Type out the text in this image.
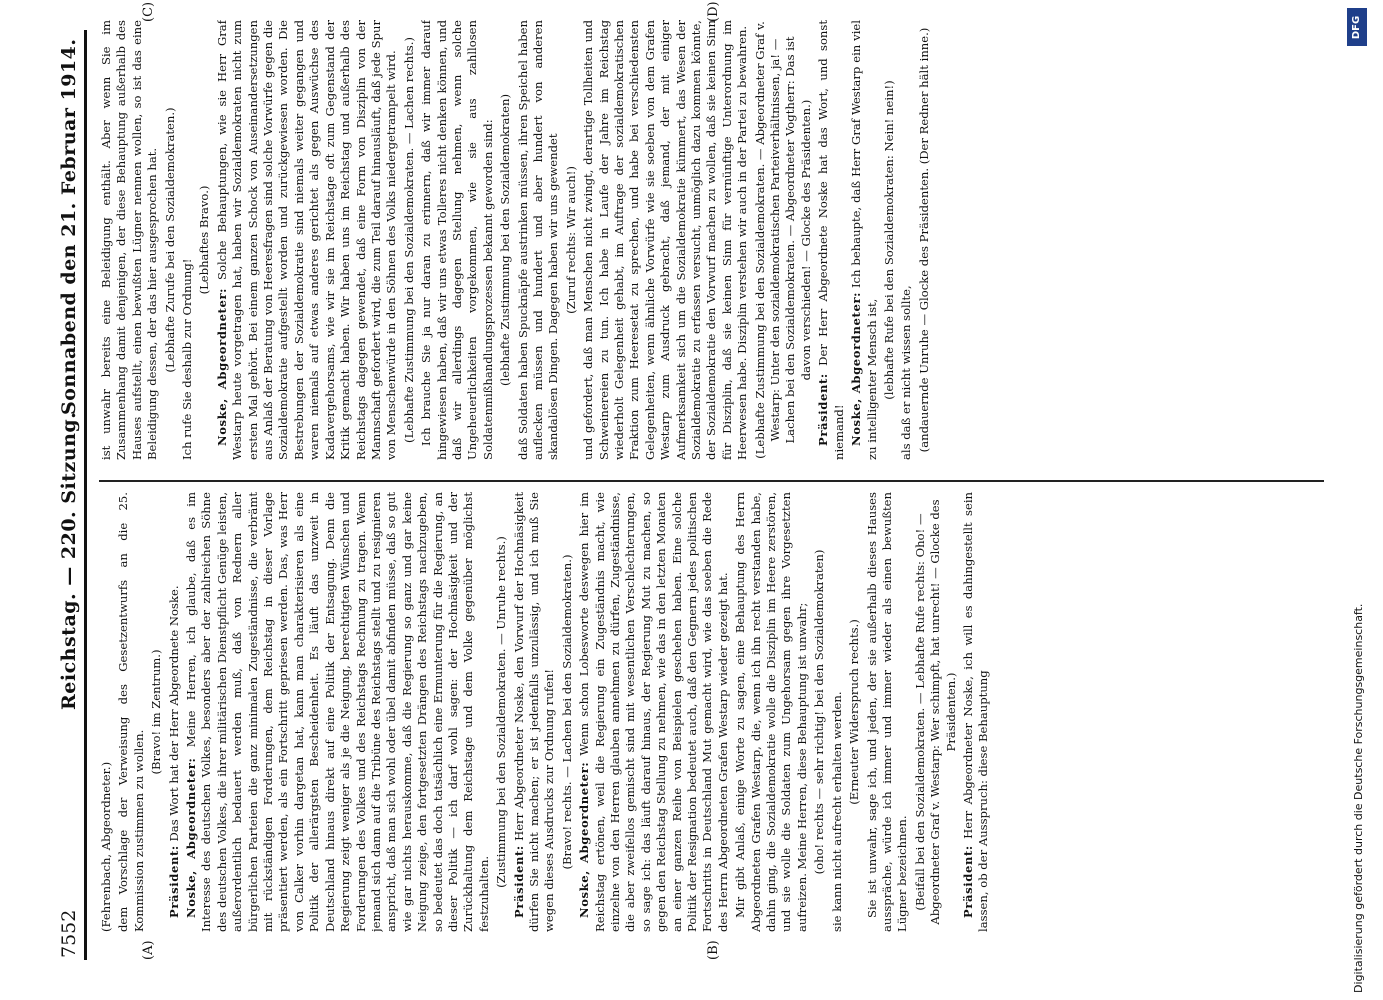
7552
Reichstag. — 220. Sitzung.
Sonnabend den 21. Februar 1914.
(A)	(B)
(C)	(D)

(Fehrenbach, Abgeordneter.) dem Vorschlage der Verweisung des Gesetzentwurfs an die 25. Kommission zustimmen zu wollen.

(Bravo! im Zentrum.)

Präsident: Das Wort hat der Herr Abgeordnete Noske. Noske, Abgeordneter: Meine Herren, ich glaube, daß es im Interesse des deutschen Volkes, besonders aber der zahlreichen Söhne des deutschen Volkes, die ihrer militärischen Dienstpflicht Genüge leisten, außerordentlich bedauert werden muß, daß von Rednern aller bürgerlichen Parteien die ganz minimalen Zugeständnisse, die verbrämt mit rückständigen Forderungen, dem Reichstag in dieser Vorlage präsentiert werden, als ein Fortschritt gepriesen werden. Das, was Herr von Calker vorhin dargetan hat, kann man charakterisieren als eine Politik der allerärgsten Bescheidenheit. Es läuft das unzweit in Deutschland hinaus direkt auf eine Politik der Entsagung. Denn die Regierung zeigt weniger als je die Neigung, berechtigten Wünschen und Forderungen des Volkes und des Reichstags Rechnung zu tragen. Wenn jemand sich dann auf die Tribüne des Reichstags stellt und zu resignieren anspricht, daß man sich wohl oder übel damit abfinden müsse, daß so gut wie gar nichts herauskomme, daß die Regierung so ganz und gar keine Neigung zeige, den fortgesetzten Drängen des Reichstags nachzugeben, so bedeutet das doch tatsächlich eine Ermunterung für die Regierung, an dieser Politik — ich darf wohl sagen: der Hochnäsigkeit und der Zurückhaltung dem Reichstage und dem Volke gegenüber möglichst festzuhalten.

(Zustimmung bei den Sozialdemokraten. — Unruhe rechts.) Präsident: Herr Abgeordneter Noske, den Vorwurf der Hochnäsigkeit dürfen Sie nicht machen; er ist jedenfalls unzulässig, und ich muß Sie wegen dieses Ausdrucks zur Ordnung rufen! (Bravo! rechts. — Lachen bei den Sozialdemokraten.) Noske, Abgeordneter: Wenn schon Lobesworte deswegen hier im Reichstag ertönen, weil die Regierung ein Zugeständnis macht, wie einzelne von den Herren glauben annehmen zu dürfen, Zugeständnisse, die aber zweifellos gemischt sind mit wesentlichen Verschlechterungen, so sage ich: das läuft darauf hinaus, der Regierung Mut zu machen, so gegen den Reichstag Stellung zu nehmen, wie das in den letzten Monaten an einer ganzen Reihe von Beispielen geschehen haben. Eine solche Politik der Resignation bedeutet auch, daß den Gegnern jedes politischen Fortschritts in Deutschland Mut gemacht wird, wie das soeben die Rede des Herrn Abgeordneten Grafen Westarp wieder gezeigt hat. Mir gibt Anlaß, einige Worte zu sagen, eine Behauptung des Herrn Abgeordneten Grafen Westarp, die, wenn ich ihn recht verstanden habe, dahin ging, die Sozialdemokratie wolle die Disziplin im Heere zerstören, und sie wolle die Soldaten zum Ungehorsam gegen ihre Vorgesetzten aufreizen. Meine Herren, diese Behauptung ist unwahr; (oho! rechts — sehr richtig! bei den Sozialdemokraten) sie kann nicht aufrecht erhalten werden. (Erneuter Widerspruch rechts.) Sie ist unwahr, sage ich, und jeden, der sie außerhalb dieses Hauses ausspräche, würde ich immer und immer wieder als einen bewußten Lügner bezeichnen. (Beifall bei den Sozialdemokraten. — Lebhafte Rufe rechts: Oho! — Abgeordneter Graf v. Westarp: Wer schimpft, hat unrecht! — Glocke des Präsidenten.)

Präsident: Herr Abgeordneter Noske, ich will es dahingestellt sein lassen, ob der Ausspruch: diese Behauptung

ist unwahr bereits eine Beleidigung enthält. Aber wenn Sie im Zusammenhang damit denjenigen, der diese Behauptung außerhalb des Hauses aufstellt, einen bewußten Lügner nennen wollen, so ist das eine Beleidigung dessen, der das hier ausgesprochen hat. (Lebhafte Zurufe bei den Sozialdemokraten.) Ich rufe Sie deshalb zur Ordnung!

(Lebhaftes Bravo.)

Noske, Abgeordneter: Solche Behauptungen, wie sie Herr Graf Westarp heute vorgetragen hat, haben wir Sozialdemokraten nicht zum ersten Mal gehört. Bei einem ganzen Schock von Auseinandersetzungen aus Anlaß der Beratung von Heeresfragen sind solche Vorwürfe gegen die Sozialdemokratie aufgestellt worden und zurückgewiesen worden. Die Bestrebungen der Sozialdemokratie sind niemals weiter gegangen und waren niemals auf etwas anderes gerichtet als gegen Auswüchse des Kadavergehorsams, wie wir sie im Reichstage oft zum Gegenstand der Kritik gemacht haben. Wir haben uns im Reichstag und außerhalb des Reichstags dagegen gewendet, daß eine Form von Disziplin von der Mannschaft gefordert wird, die zum Teil darauf hinausläuft, daß jede Spur von Menschenwürde in den Söhnen des Volks niedergetrampelt wird. (Lebhafte Zustimmung bei den Sozialdemokraten. — Lachen rechts.) Ich brauche Sie ja nur daran zu erinnern, daß wir immer darauf hingewiesen haben, daß wir uns etwas Tolleres nicht denken können, und daß wir allerdings dagegen Stellung nehmen, wenn solche Ungeheuerlichkeiten vorgekommen, wie sie aus zahllosen Soldatenmißhandlungsprozessen bekannt geworden sind: (lebhafte Zustimmung bei den Sozialdemokraten) daß Soldaten haben Spucknäpfe austrinken müssen, ihren Speichel haben auflecken müssen und hundert und aber hundert von anderen skandalösen Dingen. Dagegen haben wir uns gewendet (Zuruf rechts: Wir auch!) und gefordert, daß man Menschen nicht zwingt, derartige Tollheiten und Schweinereien zu tun. Ich habe in Laufe der Jahre im Reichstag wiederholt Gelegenheit gehabt, im Auftrage der sozialdemokratischen Fraktion zum Heeresetat zu sprechen, und habe bei verschiedensten Gelegenheiten, wenn ähnliche Vorwürfe wie sie soeben von dem Grafen Westarp zum Ausdruck gebracht, daß jemand, der mit einiger Aufmerksamkeit sich um die Sozialdemokratie kümmert, das Wesen der Sozialdemokratie zu erfassen versucht, unmöglich dazu kommen könnte, der Sozialdemokratie den Vorwurf machen zu wollen, daß sie keinen Sinn für Disziplin, daß sie keinen Sinn für vernünftige Unterordnung im Heerwesen habe. Disziplin verstehen wir auch in der Partei zu bewahren. (Lebhafte Zustimmung bei den Sozialdemokraten. — Abgeordneter Graf v. Westarp: Unter den sozialdemokratischen Parteiverhältnissen, ja! — Lachen bei den Sozialdemokraten. — Abgeordneter Vogtherr: Das ist davon verschieden! — Glocke des Präsidenten.)

Präsident: Der Herr Abgeordnete Noske hat das Wort, und sonst niemand! Noske, Abgeordneter: Ich behaupte, daß Herr Graf Westarp ein viel zu intelligenter Mensch ist, (lebhafte Rufe bei den Sozialdemokraten: Nein! nein!) als daß er nicht wissen sollte, (andauernde Unruhe — Glocke des Präsidenten. (Der Redner hält inne.)

DFG
Digitalisierung gefördert durch die Deutsche Forschungsgemeinschaft.
